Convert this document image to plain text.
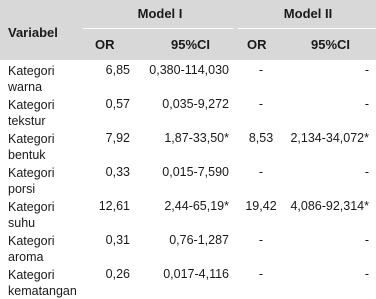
Variabel
Model I	Model II
OR	95%CI	OR	95%CI
Kategori
warna
6,85	0,380-114,030	-	-
Kategori
tekstur
0,57	0,035-9,272	-	-
Kategori
bentuk
7,92	1,87-33,50*	8,53	2,134-34,072*
Kategori
porsi
0,33	0,015-7,590	-	-
Kategori
suhu
12,61	2,44-65,19*	19,42	4,086-92,314*
Kategori
aroma
0,31	0,76-1,287	-	-
Kategori
kematangan
0,26	0,017-4,116	-	-
